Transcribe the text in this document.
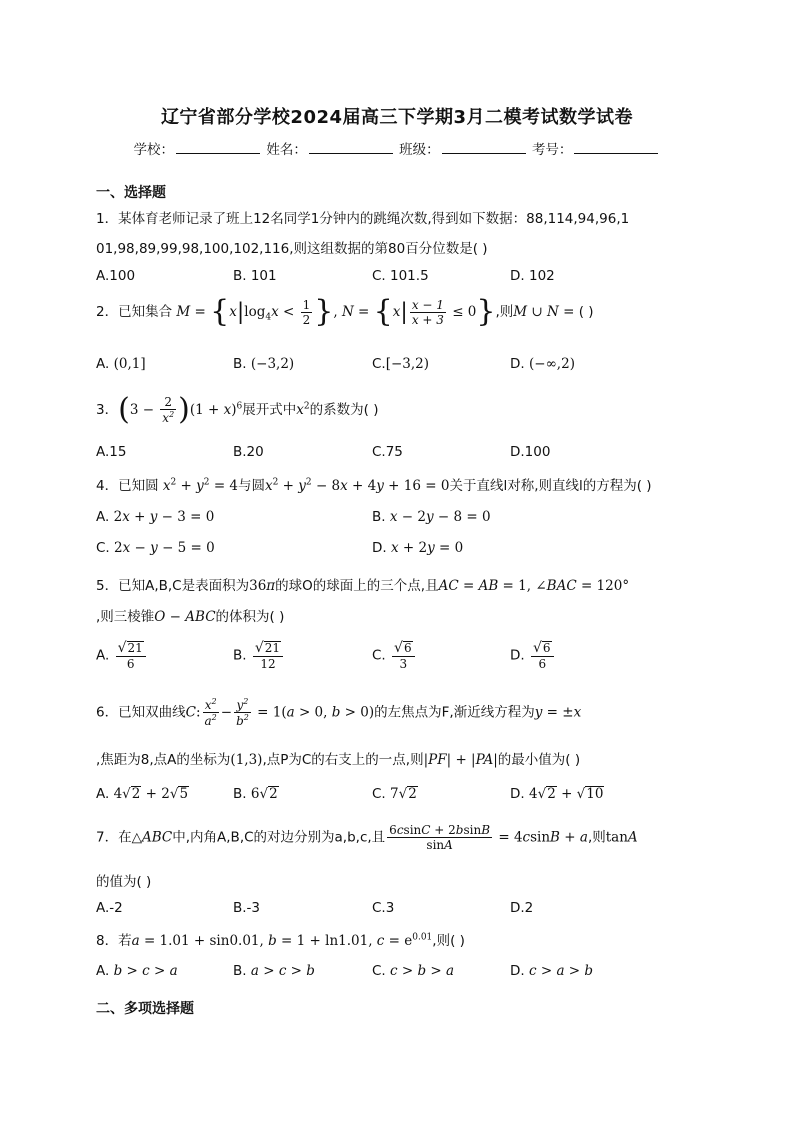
辽宁省部分学校2024届高三下学期3月二模考试数学试卷
学校：	姓名：	班级：	考号：
一、选择题
1．某体育老师记录了班上12名同学1分钟内的跳绳次数,得到如下数据：88,114,94,96,1
01,98,89,99,98,100,102,116,则这组数据的第80百分位数是( )
A.100	B. 101	C. 101.5	D. 102
2．已知集合 $M = \{x|\log_4x < \frac{1}{2}$ }, $N = \{x| \frac{x - 1}{x + 3} \le 0\}$,则M ∪ N = ( )
A. (0,1]	B. (−3,2)	C.[−3,2)	D. (−∞,2)
3．$(3 - \frac{2}{x^2} )(1 + x)^6$展开式中$x^2$的系数为( )
A.15	B.20	C.75	D.100
4．已知圆 $x^2 + y^2 = 4$与圆$x^2 + y^2 - 8x + 4y + 16 = 0$关于直线l对称,则直线l的方程为( )
A. 2x + y − 3 = 0	B. x − 2y − 8 = 0
C. 2x − y − 5 = 0	D. x + 2y = 0
5．已知A,B,C是表面积为36π的球O的球面上的三个点,且AC = AB = 1, ∠BAC = 120°
,则三棱锥O − ABC的体积为( )
A. $\frac{√21}{6}$	B. $\frac{√21}{12}$	C. $\frac{√6}{3}$	D. $\frac{√6}{6}$
6．已知双曲线C: $\frac{x^2}{a^2} - \frac{y^2}{b^2} = 1(a > 0$, b > 0)的左焦点为F,渐近线方程为y = ±x
,焦距为8,点A的坐标为(1,3),点P为C的右支上的一点,则|PF| + |PA|的最小值为( )
A. 4√2 + 2√5	B. 6√2	C. 7√2	D. 4√2 + √10
7．在△ABC中,内角A,B,C的对边分别为a,b,c,且 $\frac{6csinC + 2bsinB}{\sin A} = 4csinB + a$,则tanA
的值为( )
A.-2	B.-3	C.3	D.2
8．若a = 1.01 + sin0.01, b = 1 + ln1.01, $c = e^{0.01}$,则( )
A. b > c > a	B. a > c > b	C. c > b > a	D. c > a > b
二、多项选择题
